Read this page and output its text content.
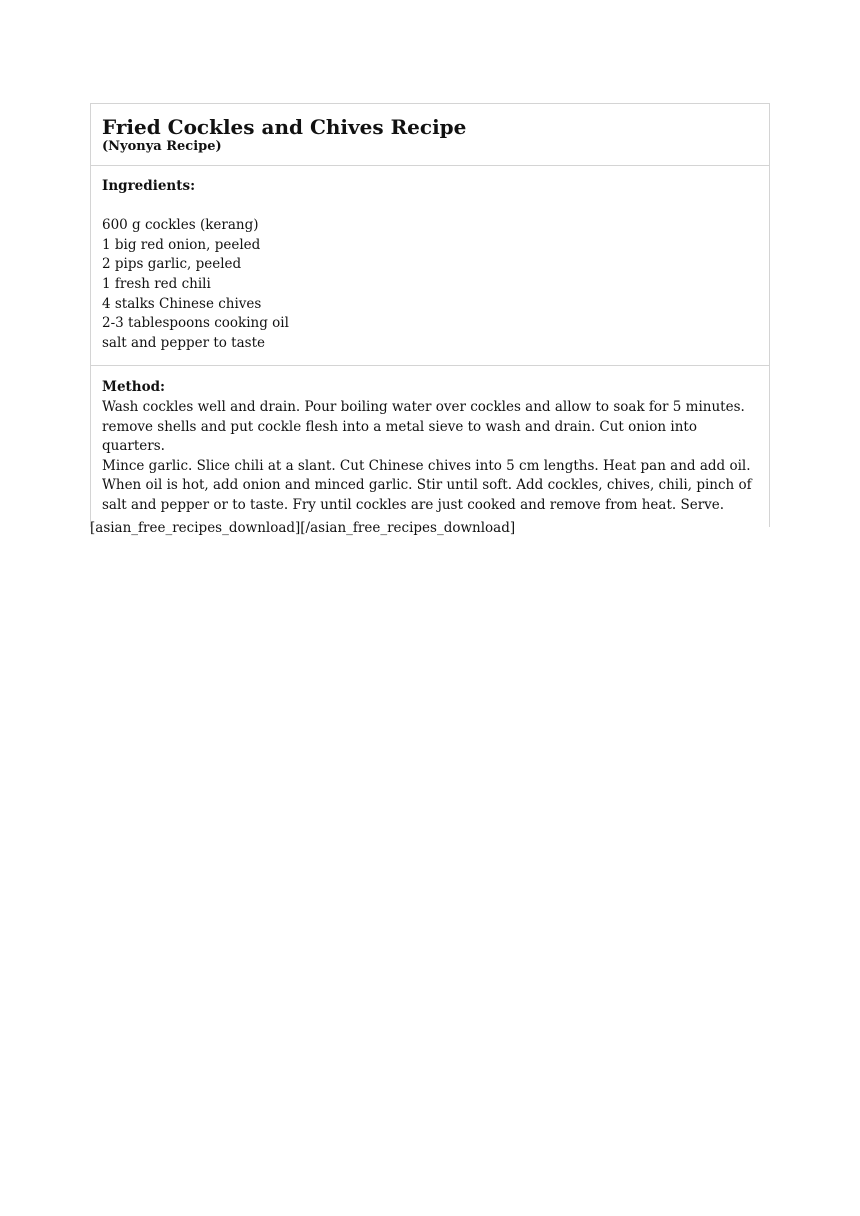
Fried Cockles and Chives Recipe
(Nyonya Recipe)
Ingredients:
600 g cockles (kerang)
1 big red onion, peeled
2 pips garlic, peeled
1 fresh red chili
4 stalks Chinese chives
2-3 tablespoons cooking oil
salt and pepper to taste
Method:

Wash cockles well and drain. Pour boiling water over cockles and allow to soak for 5 minutes.
remove shells and put cockle flesh into a metal sieve to wash and drain. Cut onion into quarters.
Mince garlic. Slice chili at a slant. Cut Chinese chives into 5 cm lengths. Heat pan and add oil.
When oil is hot, add onion and minced garlic. Stir until soft. Add cockles, chives, chili, pinch of
salt and pepper or to taste. Fry until cockles are just cooked and remove from heat. Serve.

[asian_free_recipes_download][/asian_free_recipes_download]
